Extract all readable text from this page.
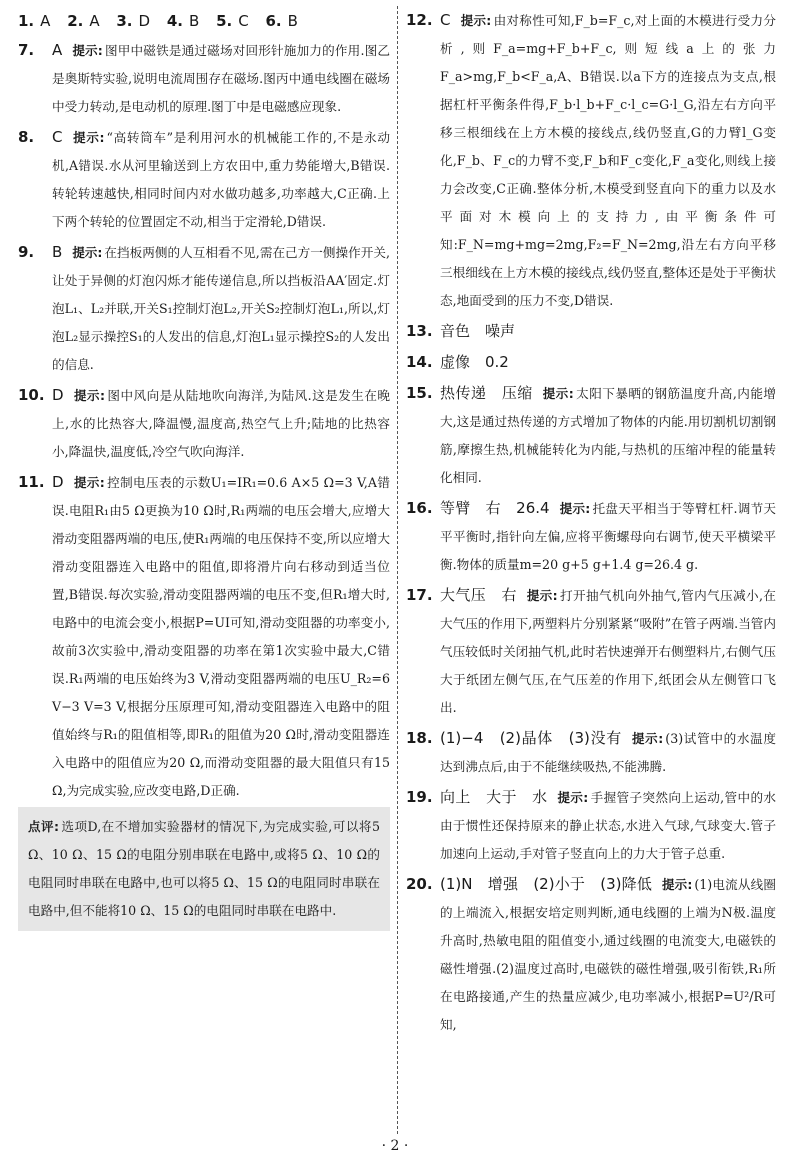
1. A 2. A 3. D 4. B 5. C 6. B
7. A 提示: 图甲中磁铁是通过磁场对回形针施加力的作用.图乙是奥斯特实验,说明电流周围存在磁场.图丙中通电线圈在磁场中受力转动,是电动机的原理.图丁中是电磁感应现象.
8. C 提示: “高转筒车”是利用河水的机械能工作的,不是永动机,A错误.水从河里输送到上方农田中,重力势能增大,B错误.转轮转速越快,相同时间内对水做功越多,功率越大,C正确.上下两个转轮的位置固定不动,相当于定滑轮,D错误.
9. B 提示: 在挡板两侧的人互相看不见,需在己方一侧操作开关,让处于异侧的灯泡闪烁才能传递信息,所以挡板沿AA′固定.灯泡L₁、L₂并联,开关S₁控制灯泡L₂,开关S₂控制灯泡L₁,所以,灯泡L₂显示操控S₁的人发出的信息,灯泡L₁显示操控S₂的人发出的信息.
10. D 提示: 图中风向是从陆地吹向海洋,为陆风.这是发生在晚上,水的比热容大,降温慢,温度高,热空气上升;陆地的比热容小,降温快,温度低,冷空气吹向海洋.
11. D 提示: 控制电压表的示数U₁=IR₁=0.6 A×5 Ω=3 V,A错误.电阻R₁由5 Ω更换为10 Ω时,R₁两端的电压会增大,应增大滑动变阻器两端的电压,使R₁两端的电压保持不变,所以应增大滑动变阻器连入电路中的阻值,即将滑片向右移动到适当位置,B错误.每次实验,滑动变阻器两端的电压不变,但R₁增大时,电路中的电流会变小,根据P=UI可知,滑动变阻器的功率变小,故前3次实验中,滑动变阻器的功率在第1次实验中最大,C错误.R₁两端的电压始终为3 V,滑动变阻器两端的电压U_R₂=6 V−3 V=3 V,根据分压原理可知,滑动变阻器连入电路中的阻值始终与R₁的阻值相等,即R₁的阻值为20 Ω时,滑动变阻器连入电路中的阻值应为20 Ω,而滑动变阻器的最大阻值只有15 Ω,为完成实验,应改变电路,D正确.
点评: 选项D,在不增加实验器材的情况下,为完成实验,可以将5 Ω、10 Ω、15 Ω的电阻分别串联在电路中,或将5 Ω、10 Ω的电阻同时串联在电路中,也可以将5 Ω、15 Ω的电阻同时串联在电路中,但不能将10 Ω、15 Ω的电阻同时串联在电路中.
12. C 提示: 由对称性可知,F_b=F_c,对上面的木模进行受力分析,则F_a=mg+F_b+F_c,则短线a上的张力F_a>mg,F_b<F_a,A、B错误.以a下方的连接点为支点,根据杠杆平衡条件得,F_b·l_b+F_c·l_c=G·l_G,沿左右方向平移三根细线在上方木模的接线点,线仍竖直,G的力臂l_G变化,F_b、F_c的力臂不变,F_b和F_c变化,F_a变化,则线上接力会改变,C正确.整体分析,木模受到竖直向下的重力以及水平面对木模向上的支持力,由平衡条件可知:F_N=mg+mg=2mg,F₂=F_N=2mg,沿左右方向平移三根细线在上方木模的接线点,线仍竖直,整体还是处于平衡状态,地面受到的压力不变,D错误.
13. 音色　噪声
14. 虚像　0.2
15. 热传递　压缩 提示: 太阳下暴晒的钢筋温度升高,内能增大,这是通过热传递的方式增加了物体的内能.用切割机切割钢筋,摩擦生热,机械能转化为内能,与热机的压缩冲程的能量转化相同.
16. 等臂　右　26.4 提示: 托盘天平相当于等臂杠杆.调节天平平衡时,指针向左偏,应将平衡螺母向右调节,使天平横梁平衡.物体的质量m=20 g+5 g+1.4 g=26.4 g.
17. 大气压　右 提示: 打开抽气机向外抽气,管内气压减小,在大气压的作用下,两塑料片分别紧紧“吸附”在管子两端.当管内气压较低时关闭抽气机,此时若快速弹开右侧塑料片,右侧气压大于纸团左侧气压,在气压差的作用下,纸团会从左侧管口飞出.
18. (1)−4　(2)晶体　(3)没有 提示: (3)试管中的水温度达到沸点后,由于不能继续吸热,不能沸腾.
19. 向上　大于　水 提示: 手握管子突然向上运动,管中的水由于惯性还保持原来的静止状态,水进入气球,气球变大.管子加速向上运动,手对管子竖直向上的力大于管子总重.
20. (1)N　增强　(2)小于　(3)降低 提示: (1)电流从线圈的上端流入,根据安培定则判断,通电线圈的上端为N极.温度升高时,热敏电阻的阻值变小,通过线圈的电流变大,电磁铁的磁性增强.(2)温度过高时,电磁铁的磁性增强,吸引衔铁,R₁所在电路接通,产生的热量应减少,电功率减小,根据P=U²/R可知,
· 2 ·
